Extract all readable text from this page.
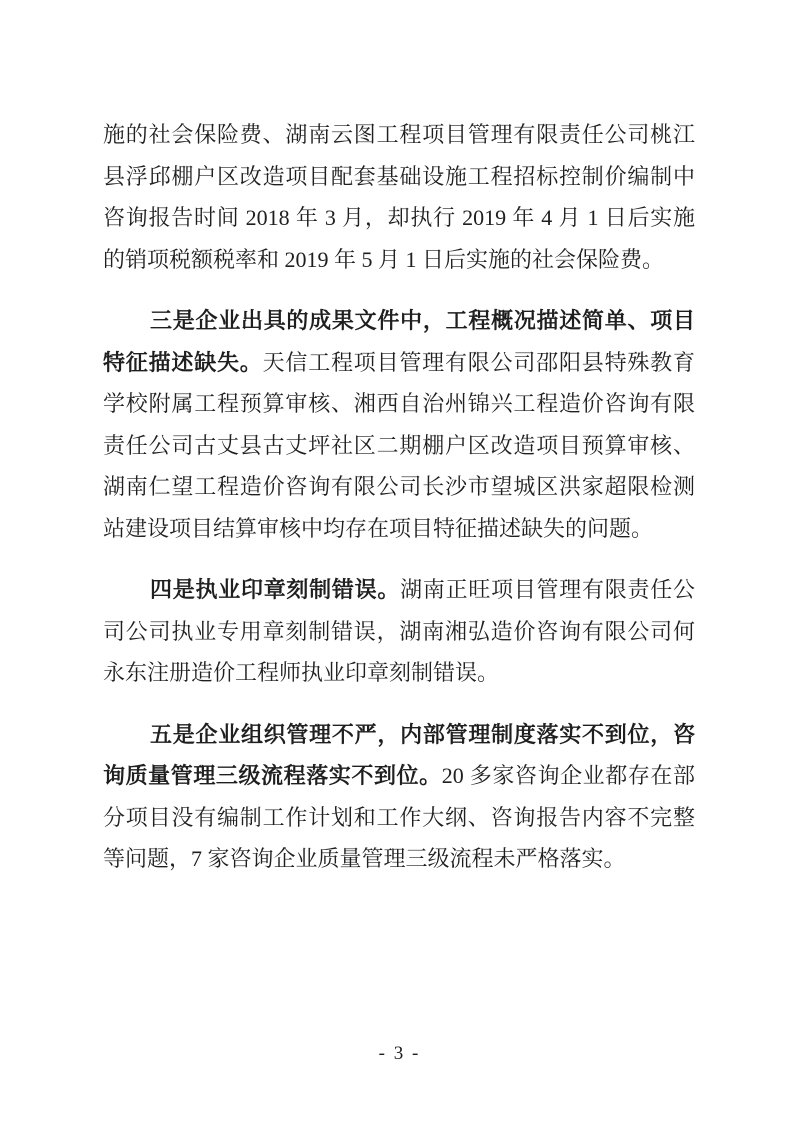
施的社会保险费、湖南云图工程项目管理有限责任公司桃江县浮邱棚户区改造项目配套基础设施工程招标控制价编制中咨询报告时间 2018 年 3 月，却执行 2019 年 4 月 1 日后实施的销项税额税率和 2019 年 5 月 1 日后实施的社会保险费。

三是企业出具的成果文件中，工程概况描述简单、项目特征描述缺失。天信工程项目管理有限公司邵阳县特殊教育学校附属工程预算审核、湘西自治州锦兴工程造价咨询有限责任公司古丈县古丈坪社区二期棚户区改造项目预算审核、湖南仁望工程造价咨询有限公司长沙市望城区洪家超限检测站建设项目结算审核中均存在项目特征描述缺失的问题。

四是执业印章刻制错误。湖南正旺项目管理有限责任公司公司执业专用章刻制错误，湖南湘弘造价咨询有限公司何永东注册造价工程师执业印章刻制错误。

五是企业组织管理不严，内部管理制度落实不到位，咨询质量管理三级流程落实不到位。20 多家咨询企业都存在部分项目没有编制工作计划和工作大纲、咨询报告内容不完整等问题，7 家咨询企业质量管理三级流程未严格落实。

- 3 -
